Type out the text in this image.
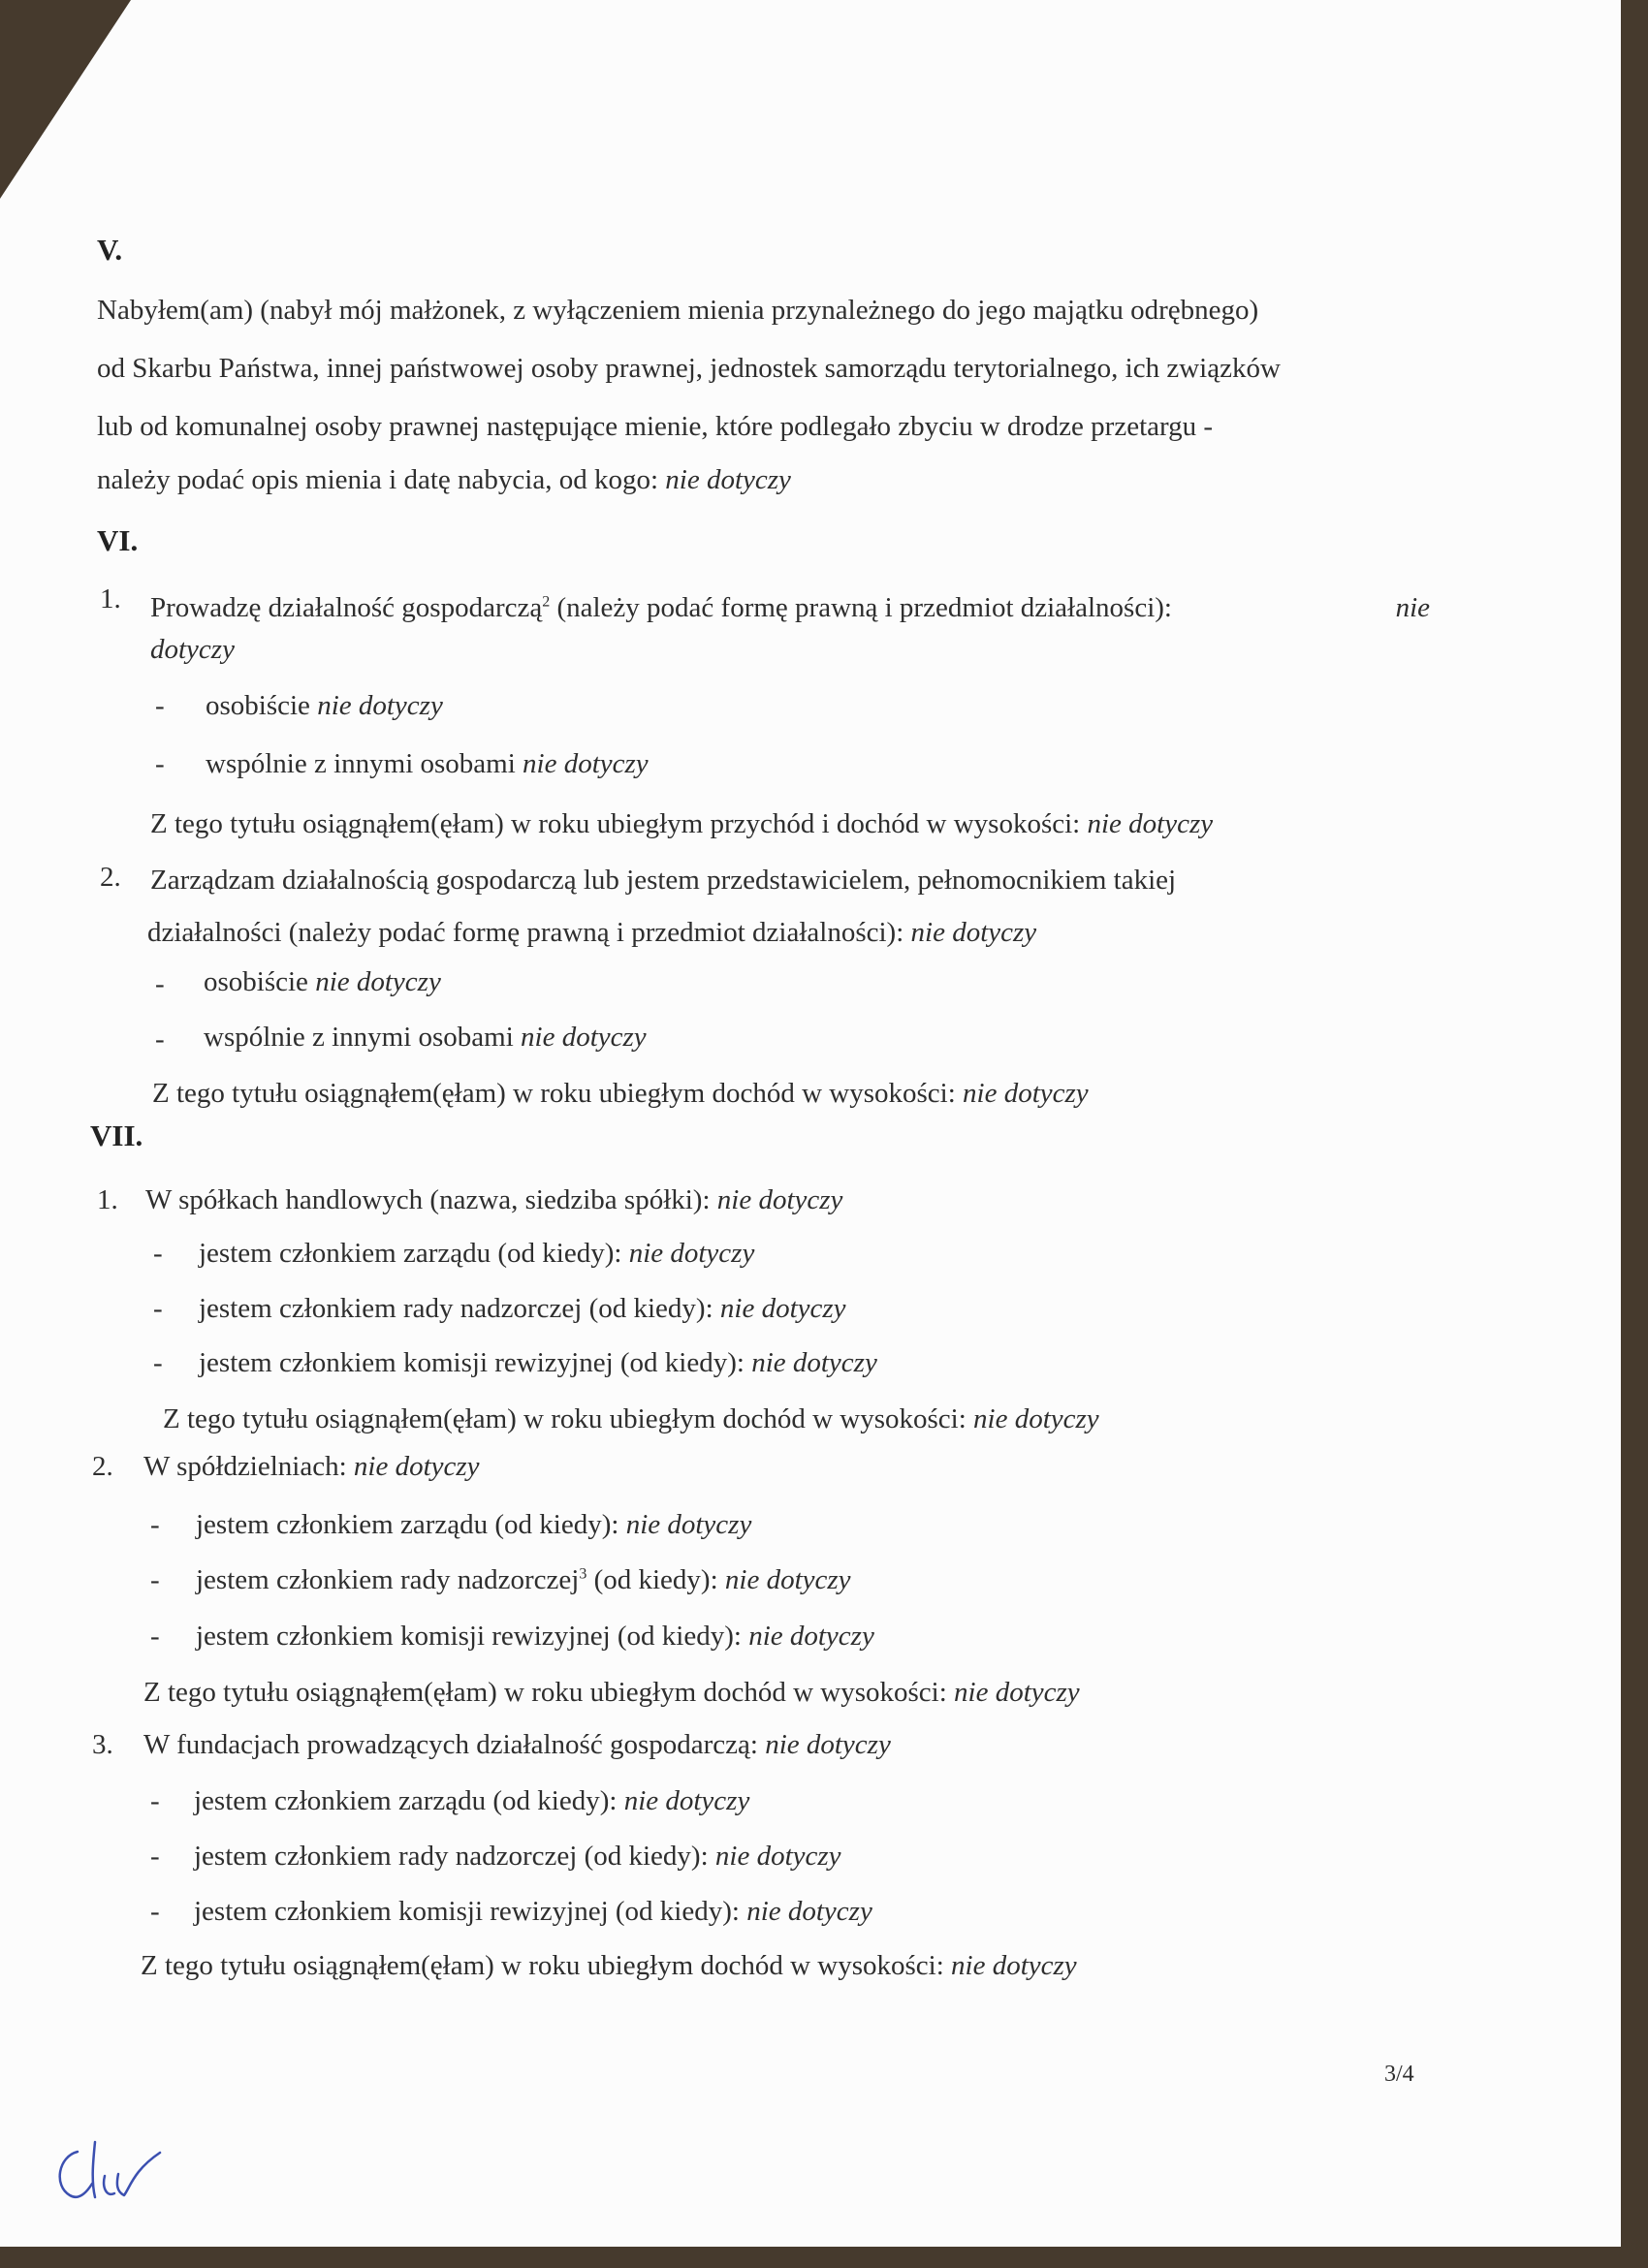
V.
Nabyłem(am) (nabył mój małżonek, z wyłączeniem mienia przynależnego do jego majątku odrębnego)
od Skarbu Państwa, innej państwowej osoby prawnej, jednostek samorządu terytorialnego, ich związków
lub od komunalnej osoby prawnej następujące mienie, które podlegało zbyciu w drodze przetargu -
należy podać opis mienia i datę nabycia, od kogo: nie dotyczy
VI.
1. Prowadzę działalność gospodarczą$^2$ (należy podać formę prawną i przedmiot działalności):	nie
dotyczy
- osobiście nie dotyczy
- wspólnie z innymi osobami nie dotyczy
Z tego tytułu osiągnąłem(ęłam) w roku ubiegłym przychód i dochód w wysokości: nie dotyczy
2. Zarządzam działalnością gospodarczą lub jestem przedstawicielem, pełnomocnikiem takiej
działalności (należy podać formę prawną i przedmiot działalności): nie dotyczy
- osobiście nie dotyczy
- wspólnie z innymi osobami nie dotyczy
Z tego tytułu osiągnąłem(ęłam) w roku ubiegłym dochód w wysokości: nie dotyczy
VII.
1. W spółkach handlowych (nazwa, siedziba spółki): nie dotyczy
- jestem członkiem zarządu (od kiedy): nie dotyczy
- jestem członkiem rady nadzorczej (od kiedy): nie dotyczy
- jestem członkiem komisji rewizyjnej (od kiedy): nie dotyczy
Z tego tytułu osiągnąłem(ęłam) w roku ubiegłym dochód w wysokości: nie dotyczy
2. W spółdzielniach: nie dotyczy
- jestem członkiem zarządu (od kiedy): nie dotyczy
- jestem członkiem rady nadzorczej$^3$ (od kiedy): nie dotyczy
- jestem członkiem komisji rewizyjnej (od kiedy): nie dotyczy
Z tego tytułu osiągnąłem(ęłam) w roku ubiegłym dochód w wysokości: nie dotyczy
3. W fundacjach prowadzących działalność gospodarczą: nie dotyczy
- jestem członkiem zarządu (od kiedy): nie dotyczy
- jestem członkiem rady nadzorczej (od kiedy): nie dotyczy
- jestem członkiem komisji rewizyjnej (od kiedy): nie dotyczy
Z tego tytułu osiągnąłem(ęłam) w roku ubiegłym dochód w wysokości: nie dotyczy
3/4
